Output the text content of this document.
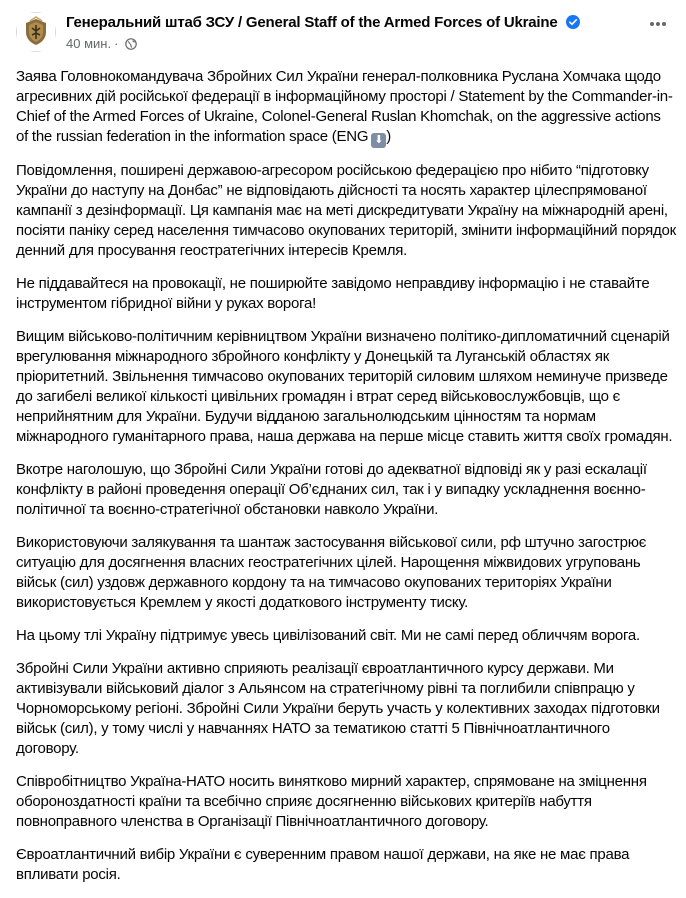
Генеральний штаб ЗСУ / General Staff of the Armed Forces of Ukraine
40 мин. ·

Заява Головнокомандувача Збройних Сил України генерал-полковника Руслана Хомчака щодо агресивних дій російської федерації в інформаційному просторі / Statement by the Commander-in-Chief of the Armed Forces of Ukraine, Colonel-General Ruslan Khomchak, on the aggressive actions of the russian federation in the information space (ENG ⬇ )

Повідомлення, поширені державою-агресором російською федерацією про нібито “підготовку України до наступу на Донбас” не відповідають дійсності та носять характер цілеспрямованої кампанії з дезінформації. Ця кампанія має на меті дискредитувати Україну на міжнародній арені, посіяти паніку серед населення тимчасово окупованих територій, змінити інформаційний порядок денний для просування геостратегічних інтересів Кремля.

Не піддавайтеся на провокації, не поширюйте завідомо неправдиву інформацію і не ставайте інструментом гібридної війни у руках ворога!

Вищим військово-політичним керівництвом України визначено політико-дипломатичний сценарій врегулювання міжнародного збройного конфлікту у Донецькій та Луганській областях як пріоритетний. Звільнення тимчасово окупованих територій силовим шляхом неминуче призведе до загибелі великої кількості цивільних громадян і втрат серед військовослужбовців, що є неприйнятним для України. Будучи відданою загальнолюдським цінностям та нормам міжнародного гуманітарного права, наша держава на перше місце ставить життя своїх громадян.

Вкотре наголошую, що Збройні Сили України готові до адекватної відповіді як у разі ескалації конфлікту в районі проведення операції Об’єднаних сил, так і у випадку ускладнення воєнно-політичної та воєнно-стратегічної обстановки навколо України.

Використовуючи залякування та шантаж застосування військової сили, рф штучно загострює ситуацію для досягнення власних геостратегічних цілей. Нарощення міжвидових угруповань військ (сил) уздовж державного кордону та на тимчасово окупованих територіях України використовується Кремлем у якості додаткового інструменту тиску.

На цьому тлі Україну підтримує увесь цивілізований світ. Ми не самі перед обличчям ворога.

Збройні Сили України активно сприяють реалізації євроатлантичного курсу держави. Ми активізували військовий діалог з Альянсом на стратегічному рівні та поглибили співпрацю у Чорноморському регіоні. Збройні Сили України беруть участь у колективних заходах підготовки військ (сил), у тому числі у навчаннях НАТО за тематикою статті 5 Північноатлантичного договору.

Співробітництво Україна-НАТО носить винятково мирний характер, спрямоване на зміцнення обороноздатності країни та всебічно сприяє досягненню військових критеріїв набуття повноправного членства в Організації Північноатлантичного договору.

Євроатлантичний вибір України є суверенним правом нашої держави, на яке не має права впливати росія.
